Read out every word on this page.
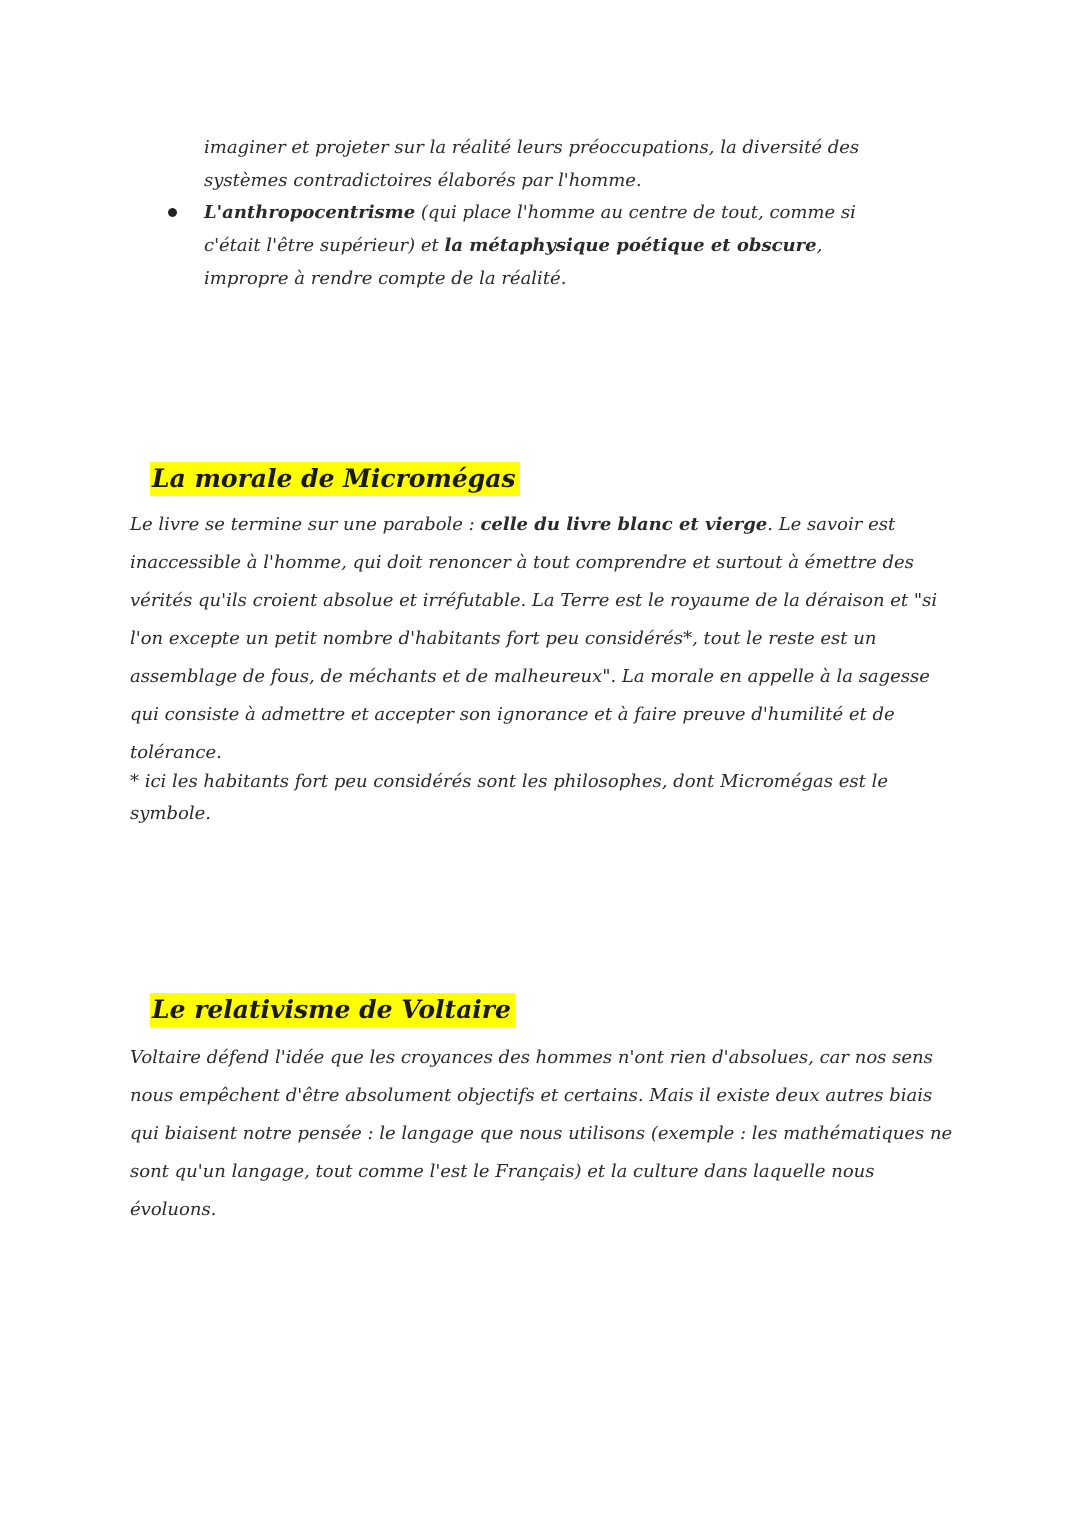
imaginer et projeter sur la réalité leurs préoccupations, la diversité des systèmes contradictoires élaborés par l'homme.
L'anthropocentrisme (qui place l'homme au centre de tout, comme si c'était l'être supérieur) et la métaphysique poétique et obscure, impropre à rendre compte de la réalité.
La morale de Micromégas
Le livre se termine sur une parabole : celle du livre blanc et vierge. Le savoir est inaccessible à l'homme, qui doit renoncer à tout comprendre et surtout à émettre des vérités qu'ils croient absolue et irréfutable. La Terre est le royaume de la déraison et "si l'on excepte un petit nombre d'habitants fort peu considérés*, tout le reste est un assemblage de fous, de méchants et de malheureux". La morale en appelle à la sagesse qui consiste à admettre et accepter son ignorance et à faire preuve d'humilité et de tolérance.
* ici les habitants fort peu considérés sont les philosophes, dont Micromégas est le symbole.
Le relativisme de Voltaire
Voltaire défend l'idée que les croyances des hommes n'ont rien d'absolues, car nos sens nous empêchent d'être absolument objectifs et certains. Mais il existe deux autres biais qui biaisent notre pensée : le langage que nous utilisons (exemple : les mathématiques ne sont qu'un langage, tout comme l'est le Français) et la culture dans laquelle nous évoluons.
